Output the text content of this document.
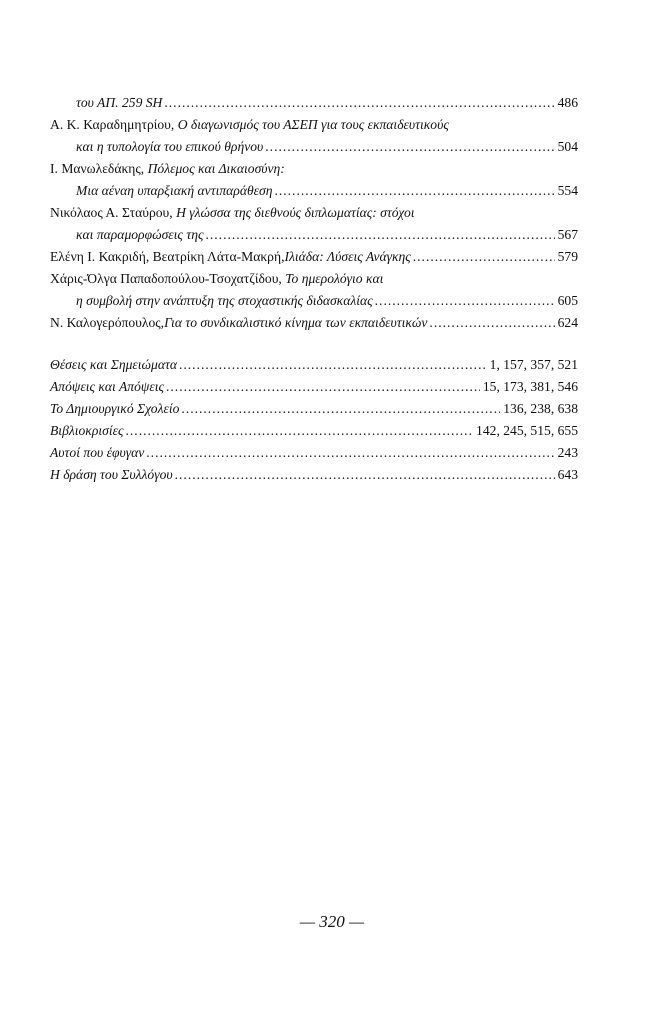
του ΑΠ. 259 SH .....	486
Α. Κ. Καραδημητρίου, Ο διαγωνισμός του ΑΣΕΠ για τους εκπαιδευτικούς
και η τυπολογία του επικού θρήνου .....	504
Ι. Μανωλεδάκης, Πόλεμος και Δικαιοσύνη:
Μια αέναη υπαρξιακή αντιπαράθεση .....	554
Νικόλαος Α. Σταύρου, Η γλώσσα της διεθνούς διπλωματίας: στόχοι
και παραμορφώσεις της .....	567
Ελένη Ι. Κακριδή, Βεατρίκη Λάτα-Μακρή, Ιλιάδα: Λύσεις Ανάγκης .....	579
Χάρις-Όλγα Παπαδοπούλου-Τσοχατζίδου, Το ημερολόγιο και
η συμβολή στην ανάπτυξη της στοχαστικής διδασκαλίας .....	605
Ν. Καλογερόπουλος, Για το συνδικαλιστικό κίνημα των εκπαιδευτικών .....	624
Θέσεις και Σημειώματα .....	1, 157, 357, 521
Απόψεις και Απόψεις .....	15, 173, 381, 546
Το Δημιουργικό Σχολείο .....	136, 238, 638
Βιβλιοκρισίες .....	142, 245, 515, 655
Αυτοί που έφυγαν .....	243
Η δράση του Συλλόγου .....	643
— 320 —
